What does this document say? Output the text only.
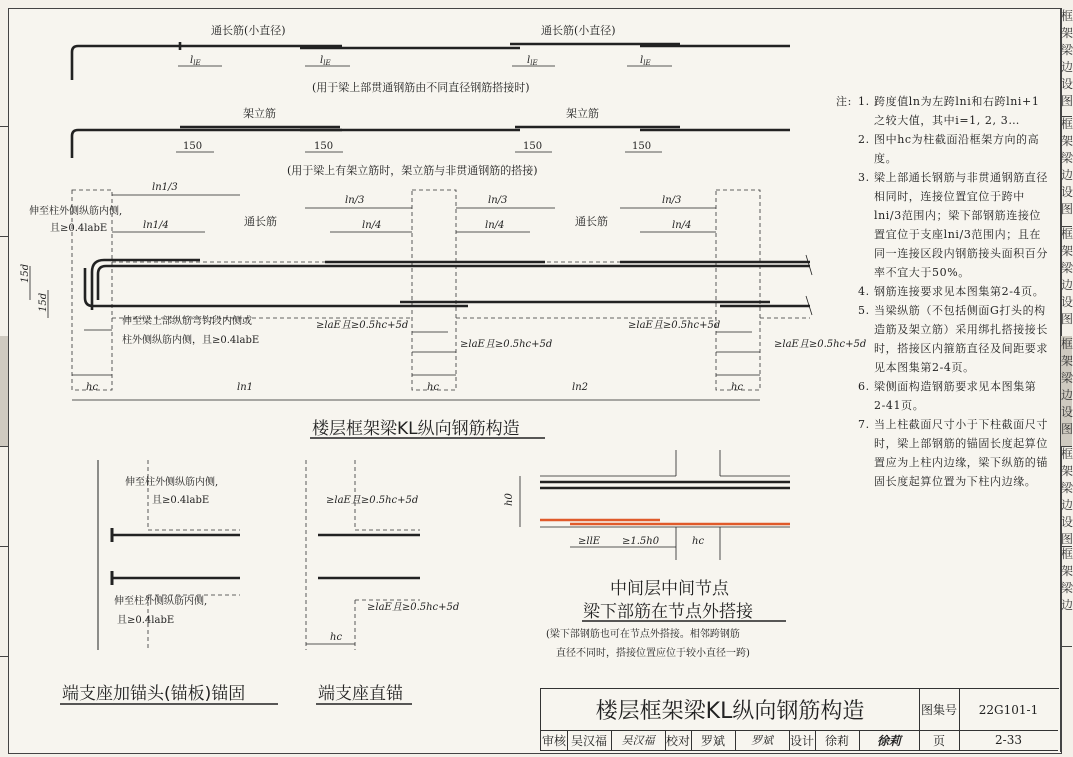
通长筋(小直径)	通长筋(小直径)
$l_{lE}$	$l_{lE}$	$l_{lE}$	$l_{lE}$
(用于梁上部贯通钢筋由不同直径钢筋搭接时)
架立筋	架立筋
150	150	150	150
(用于梁上有架立筋时，架立筋与非贯通钢筋的搭接)
ln1/3
ln1/4
ln/3
ln/4
ln/3
ln/4
ln/3
ln/4
通长筋	通长筋
伸至柱外侧纵筋内侧,
且≥0.4labE
15d
15d
伸至梁上部纵筋弯钩段内侧或
柱外侧纵筋内侧，且≥0.4labE
≥laE且≥0.5hc+5d
≥laE且≥0.5hc+5d
≥laE且≥0.5hc+5d
≥laE且≥0.5hc+5d
hc	hc	hc
ln1	ln2
楼层框架梁KL纵向钢筋构造
伸至柱外侧纵筋内侧,
且≥0.4labE
伸至柱外侧纵筋内侧,
且≥0.4labE
端支座加锚头(锚板)锚固
≥laE且≥0.5hc+5d
≥laE且≥0.5hc+5d
hc
端支座直锚
h0
≥llE ≥1.5h0	hc
中间层中间节点
梁下部筋在节点外搭接
(梁下部钢筋也可在节点外搭接。相邻跨钢筋
直径不同时，搭接位置应位于较小直径一跨)
注: 1. 跨度值ln为左跨lni和右跨lni+1之较大值，其中i=1, 2, 3…
2. 图中hc为柱截面沿框架方向的高度。
3. 梁上部通长钢筋与非贯通钢筋直径相同时，连接位置宜位于跨中lni/3范围内；梁下部钢筋连接位置宜位于支座lni/3范围内；且在同一连接区段内钢筋接头面积百分率不宜大于50%。
4. 钢筋连接要求见本图集第2-4页。
5. 当梁纵筋（不包括侧面G打头的构造筋及架立筋）采用绑扎搭接接长时，搭接区内箍筋直径及间距要求见本图集第2-4页。
6. 梁侧面构造钢筋要求见本图集第2-41页。
7. 当上柱截面尺寸小于下柱截面尺寸时，梁上部钢筋的锚固长度起算位置应为上柱内边缘，梁下纵筋的锚固长度起算位置为下柱内边缘。
楼层框架梁KL纵向钢筋构造	图集号	22G101-1
审核 吴汉福	吴汉福 校对 罗斌	罗斌	设计 徐莉	徐莉	页	2-33
框
架
梁
边
设
图
框
架
梁
边
设
图
框
架
梁
边
设
图
框
架
梁
边
设
图
框
架
梁
边
设
图
框
架
梁
边
